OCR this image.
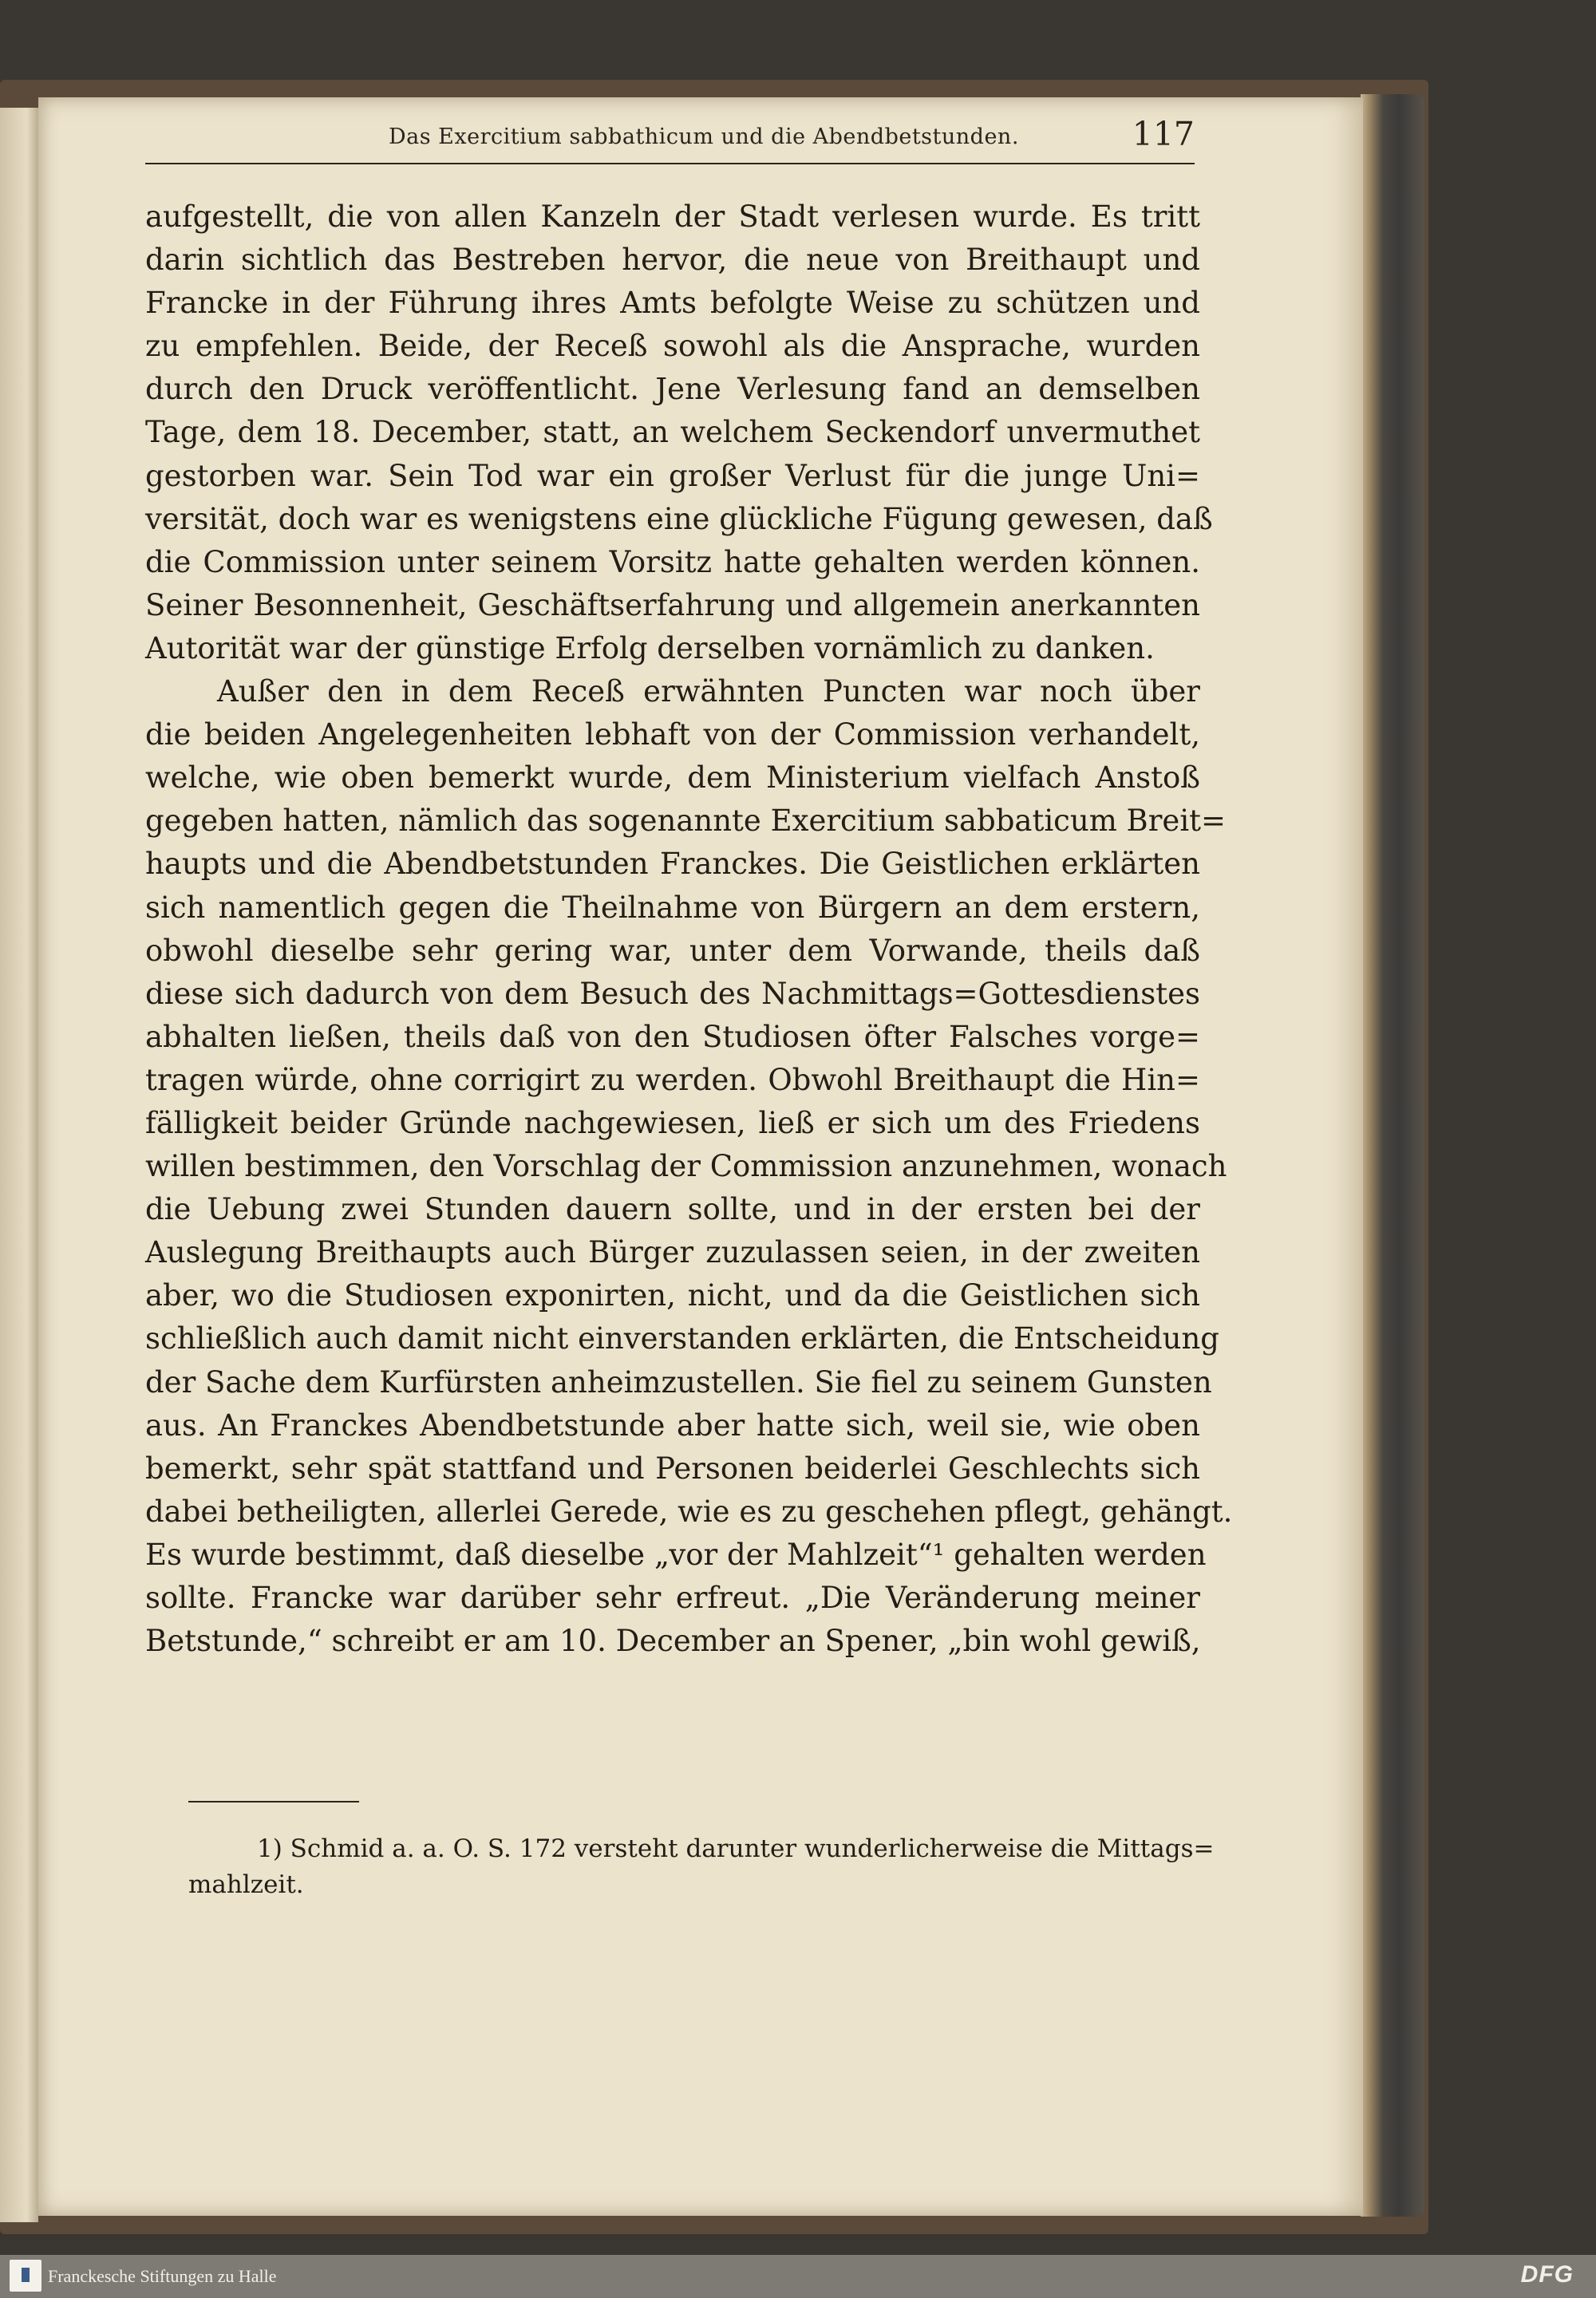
Das Exercitium sabbathicum und die Abendbetstunden.	117
aufgestellt, die von allen Kanzeln der Stadt verlesen wurde. Es tritt
darin sichtlich das Bestreben hervor, die neue von Breithaupt und
Francke in der Führung ihres Amts befolgte Weise zu schützen und
zu empfehlen. Beide, der Receß sowohl als die Ansprache, wurden
durch den Druck veröffentlicht. Jene Verlesung fand an demselben
Tage, dem 18. December, statt, an welchem Seckendorf unvermuthet
gestorben war. Sein Tod war ein großer Verlust für die junge Uni=
versität, doch war es wenigstens eine glückliche Fügung gewesen, daß
die Commission unter seinem Vorsitz hatte gehalten werden können.
Seiner Besonnenheit, Geschäftserfahrung und allgemein anerkannten
Autorität war der günstige Erfolg derselben vornämlich zu danken.
Außer den in dem Receß erwähnten Puncten war noch über
die beiden Angelegenheiten lebhaft von der Commission verhandelt,
welche, wie oben bemerkt wurde, dem Ministerium vielfach Anstoß
gegeben hatten, nämlich das sogenannte Exercitium sabbaticum Breit=
haupts und die Abendbetstunden Franckes. Die Geistlichen erklärten
sich namentlich gegen die Theilnahme von Bürgern an dem erstern,
obwohl dieselbe sehr gering war, unter dem Vorwande, theils daß
diese sich dadurch von dem Besuch des Nachmittags=Gottesdienstes
abhalten ließen, theils daß von den Studiosen öfter Falsches vorge=
tragen würde, ohne corrigirt zu werden. Obwohl Breithaupt die Hin=
fälligkeit beider Gründe nachgewiesen, ließ er sich um des Friedens
willen bestimmen, den Vorschlag der Commission anzunehmen, wonach
die Uebung zwei Stunden dauern sollte, und in der ersten bei der
Auslegung Breithaupts auch Bürger zuzulassen seien, in der zweiten
aber, wo die Studiosen exponirten, nicht, und da die Geistlichen sich
schließlich auch damit nicht einverstanden erklärten, die Entscheidung
der Sache dem Kurfürsten anheimzustellen. Sie fiel zu seinem Gunsten
aus. An Franckes Abendbetstunde aber hatte sich, weil sie, wie oben
bemerkt, sehr spät stattfand und Personen beiderlei Geschlechts sich
dabei betheiligten, allerlei Gerede, wie es zu geschehen pflegt, gehängt.
Es wurde bestimmt, daß dieselbe „vor der Mahlzeit“¹ gehalten werden
sollte. Francke war darüber sehr erfreut. „Die Veränderung meiner
Betstunde,“ schreibt er am 10. December an Spener, „bin wohl gewiß,
1) Schmid a. a. O. S. 172 versteht darunter wunderlicherweise die Mittags=
mahlzeit.
Franckesche Stiftungen zu Halle	DFG
